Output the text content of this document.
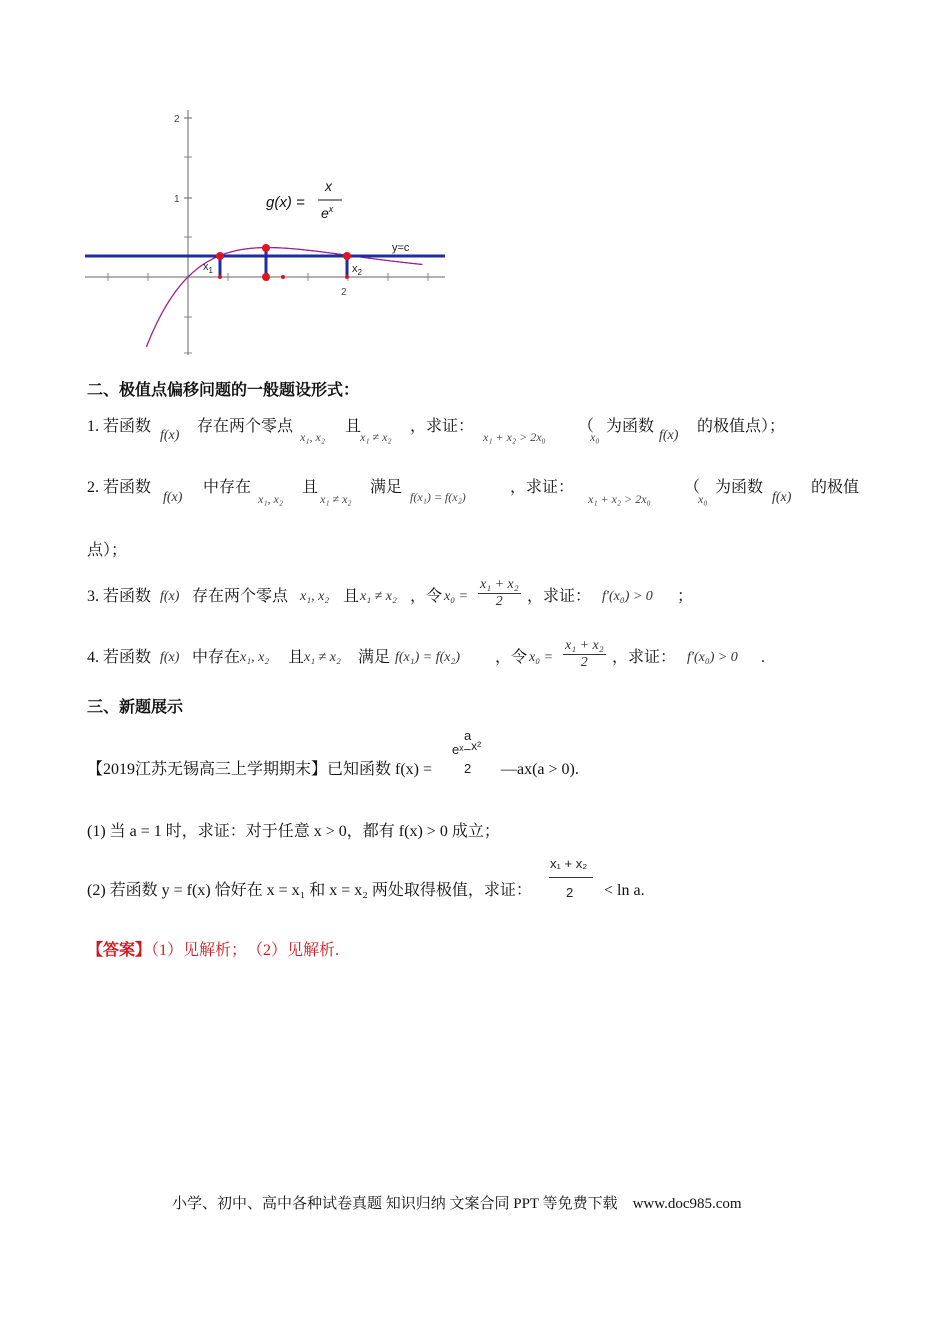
2
1
y=c
$x_1$	$x_2$
2
g(x) =
x
$e^x$
二、极值点偏移问题的一般题设形式：
1. 若函数
f(x)
存在两个零点
x₁, x₂
且
x₁ ≠ x₂
，求证：
x₁ + x₂ > 2x₀
（
x₀
为函数
f(x)
的极值点）；
2. 若函数
f(x)
中存在
x₁, x₂
且
x₁ ≠ x₂
满足
f(x₁) = f(x₂)
，求证：
x₁ + x₂ > 2x₀
（
x₀
为函数
f(x)
的极值
点）；
3. 若函数 f(x) 存在两个零点 x₁, x₂ 且 x₁ ≠ x₂ ，令 $x_0 = \frac{\text{x₁ + x₂}}{2}$ ，求证： f′(x₀) > 0 ；
4. 若函数 f(x) 中存在 x₁, x₂ 且 x₁ ≠ x₂ 满足 f(x₁) = f(x₂) ，令 $x_0 = \frac{\text{x₁ + x₂}}{2}$ ，求证： f′(x₀) > 0 .
三、新题展示
【2019江苏无锡高三上学期期末】已知函数 f(x) =
eˣ−x²
a
2 —ax(a > 0).
(1) 当 a = 1 时，求证：对于任意 x > 0，都有 f(x) > 0 成立；
(2) 若函数 y = f(x) 恰好在 x = x₁ 和 x = x₂ 两处取得极值，求证：
x₁ + x₂
2 < ln a.
【答案】（1）见解析；　（2）见解析.
小学、初中、高中各种试卷真题 知识归纳 文案合同 PPT 等免费下载　www.doc985.com
